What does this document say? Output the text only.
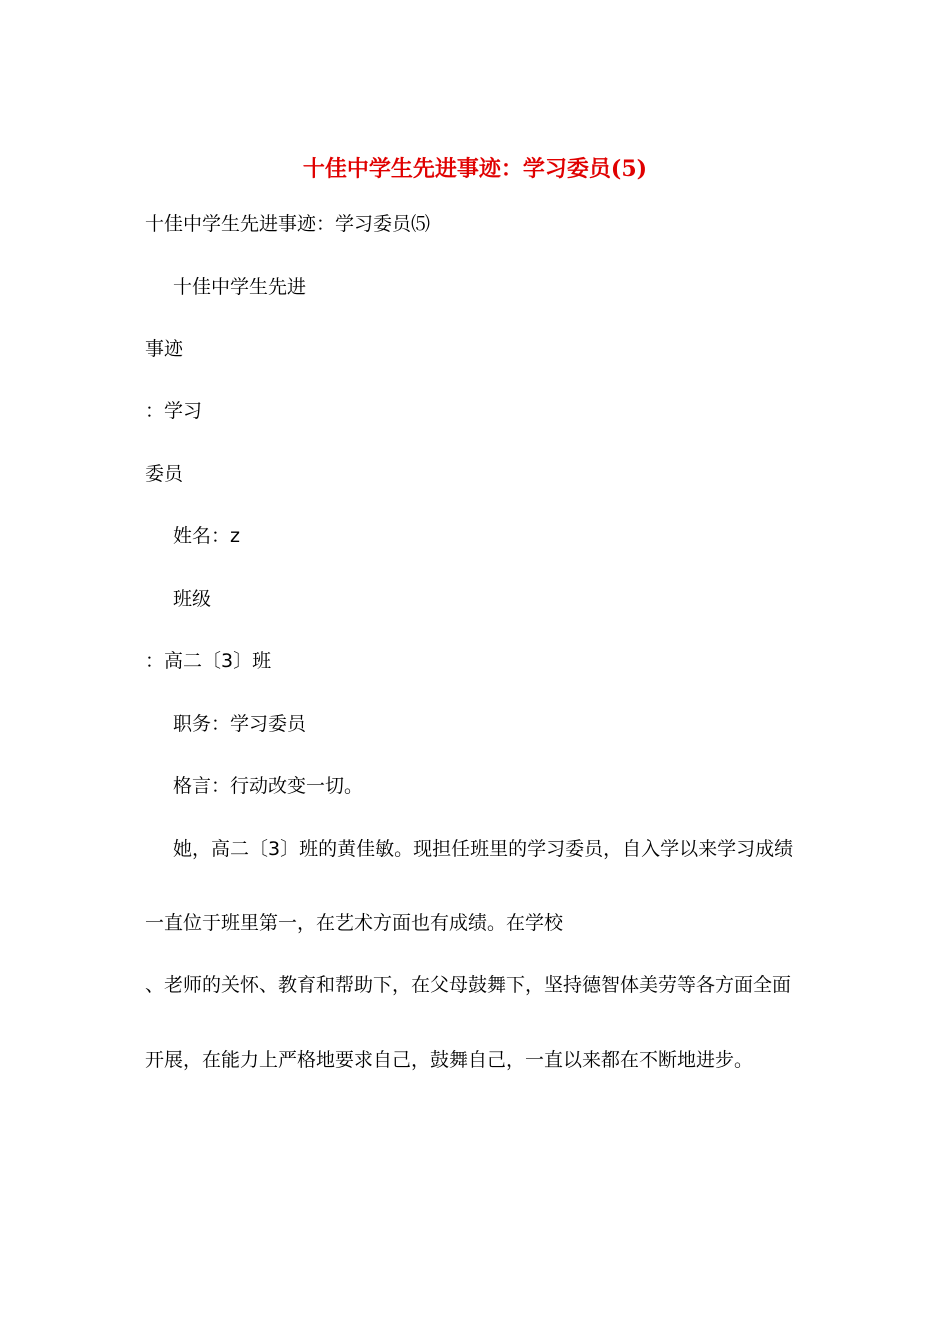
十佳中学生先进事迹：学习委员(5)
十佳中学生先进事迹：学习委员⑸
十佳中学生先进
事迹
：学习
委员
姓名：z
班级
：高二〔3〕班
职务：学习委员
格言：行动改变一切。
她，高二〔3〕班的黄佳敏。现担任班里的学习委员，自入学以来学习成绩
一直位于班里第一，在艺术方面也有成绩。在学校
、老师的关怀、教育和帮助下，在父母鼓舞下，坚持德智体美劳等各方面全面
开展，在能力上严格地要求自己，鼓舞自己，一直以来都在不断地进步。
